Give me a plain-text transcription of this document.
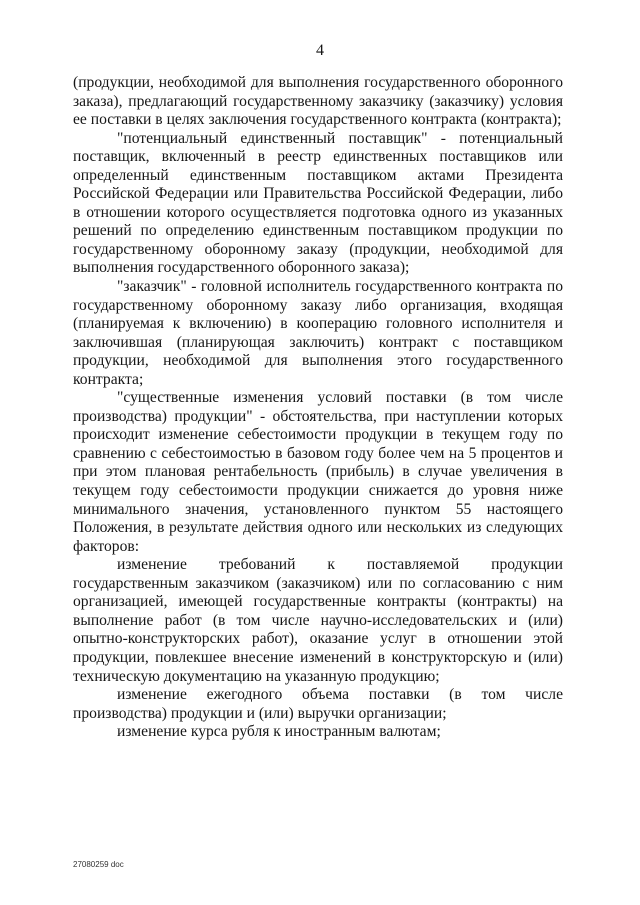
4

(продукции, необходимой для выполнения государственного оборонного заказа), предлагающий государственному заказчику (заказчику) условия ее поставки в целях заключения государственного контракта (контракта);

"потенциальный единственный поставщик" - потенциальный поставщик, включенный в реестр единственных поставщиков или определенный единственным поставщиком актами Президента Российской Федерации или Правительства Российской Федерации, либо в отношении которого осуществляется подготовка одного из указанных решений по определению единственным поставщиком продукции по государственному оборонному заказу (продукции, необходимой для выполнения государственного оборонного заказа);

"заказчик" - головной исполнитель государственного контракта по государственному оборонному заказу либо организация, входящая (планируемая к включению) в кооперацию головного исполнителя и заключившая (планирующая заключить) контракт с поставщиком продукции, необходимой для выполнения этого государственного контракта;

"существенные изменения условий поставки (в том числе производства) продукции" - обстоятельства, при наступлении которых происходит изменение себестоимости продукции в текущем году по сравнению с себестоимостью в базовом году более чем на 5 процентов и при этом плановая рентабельность (прибыль) в случае увеличения в текущем году себестоимости продукции снижается до уровня ниже минимального значения, установленного пунктом 55 настоящего Положения, в результате действия одного или нескольких из следующих факторов:

изменение требований к поставляемой продукции государственным заказчиком (заказчиком) или по согласованию с ним организацией, имеющей государственные контракты (контракты) на выполнение работ (в том числе научно-исследовательских и (или) опытно-конструкторских работ), оказание услуг в отношении этой продукции, повлекшее внесение изменений в конструкторскую и (или) техническую документацию на указанную продукцию;

изменение ежегодного объема поставки (в том числе производства) продукции и (или) выручки организации;

изменение курса рубля к иностранным валютам;

27080259 doc
